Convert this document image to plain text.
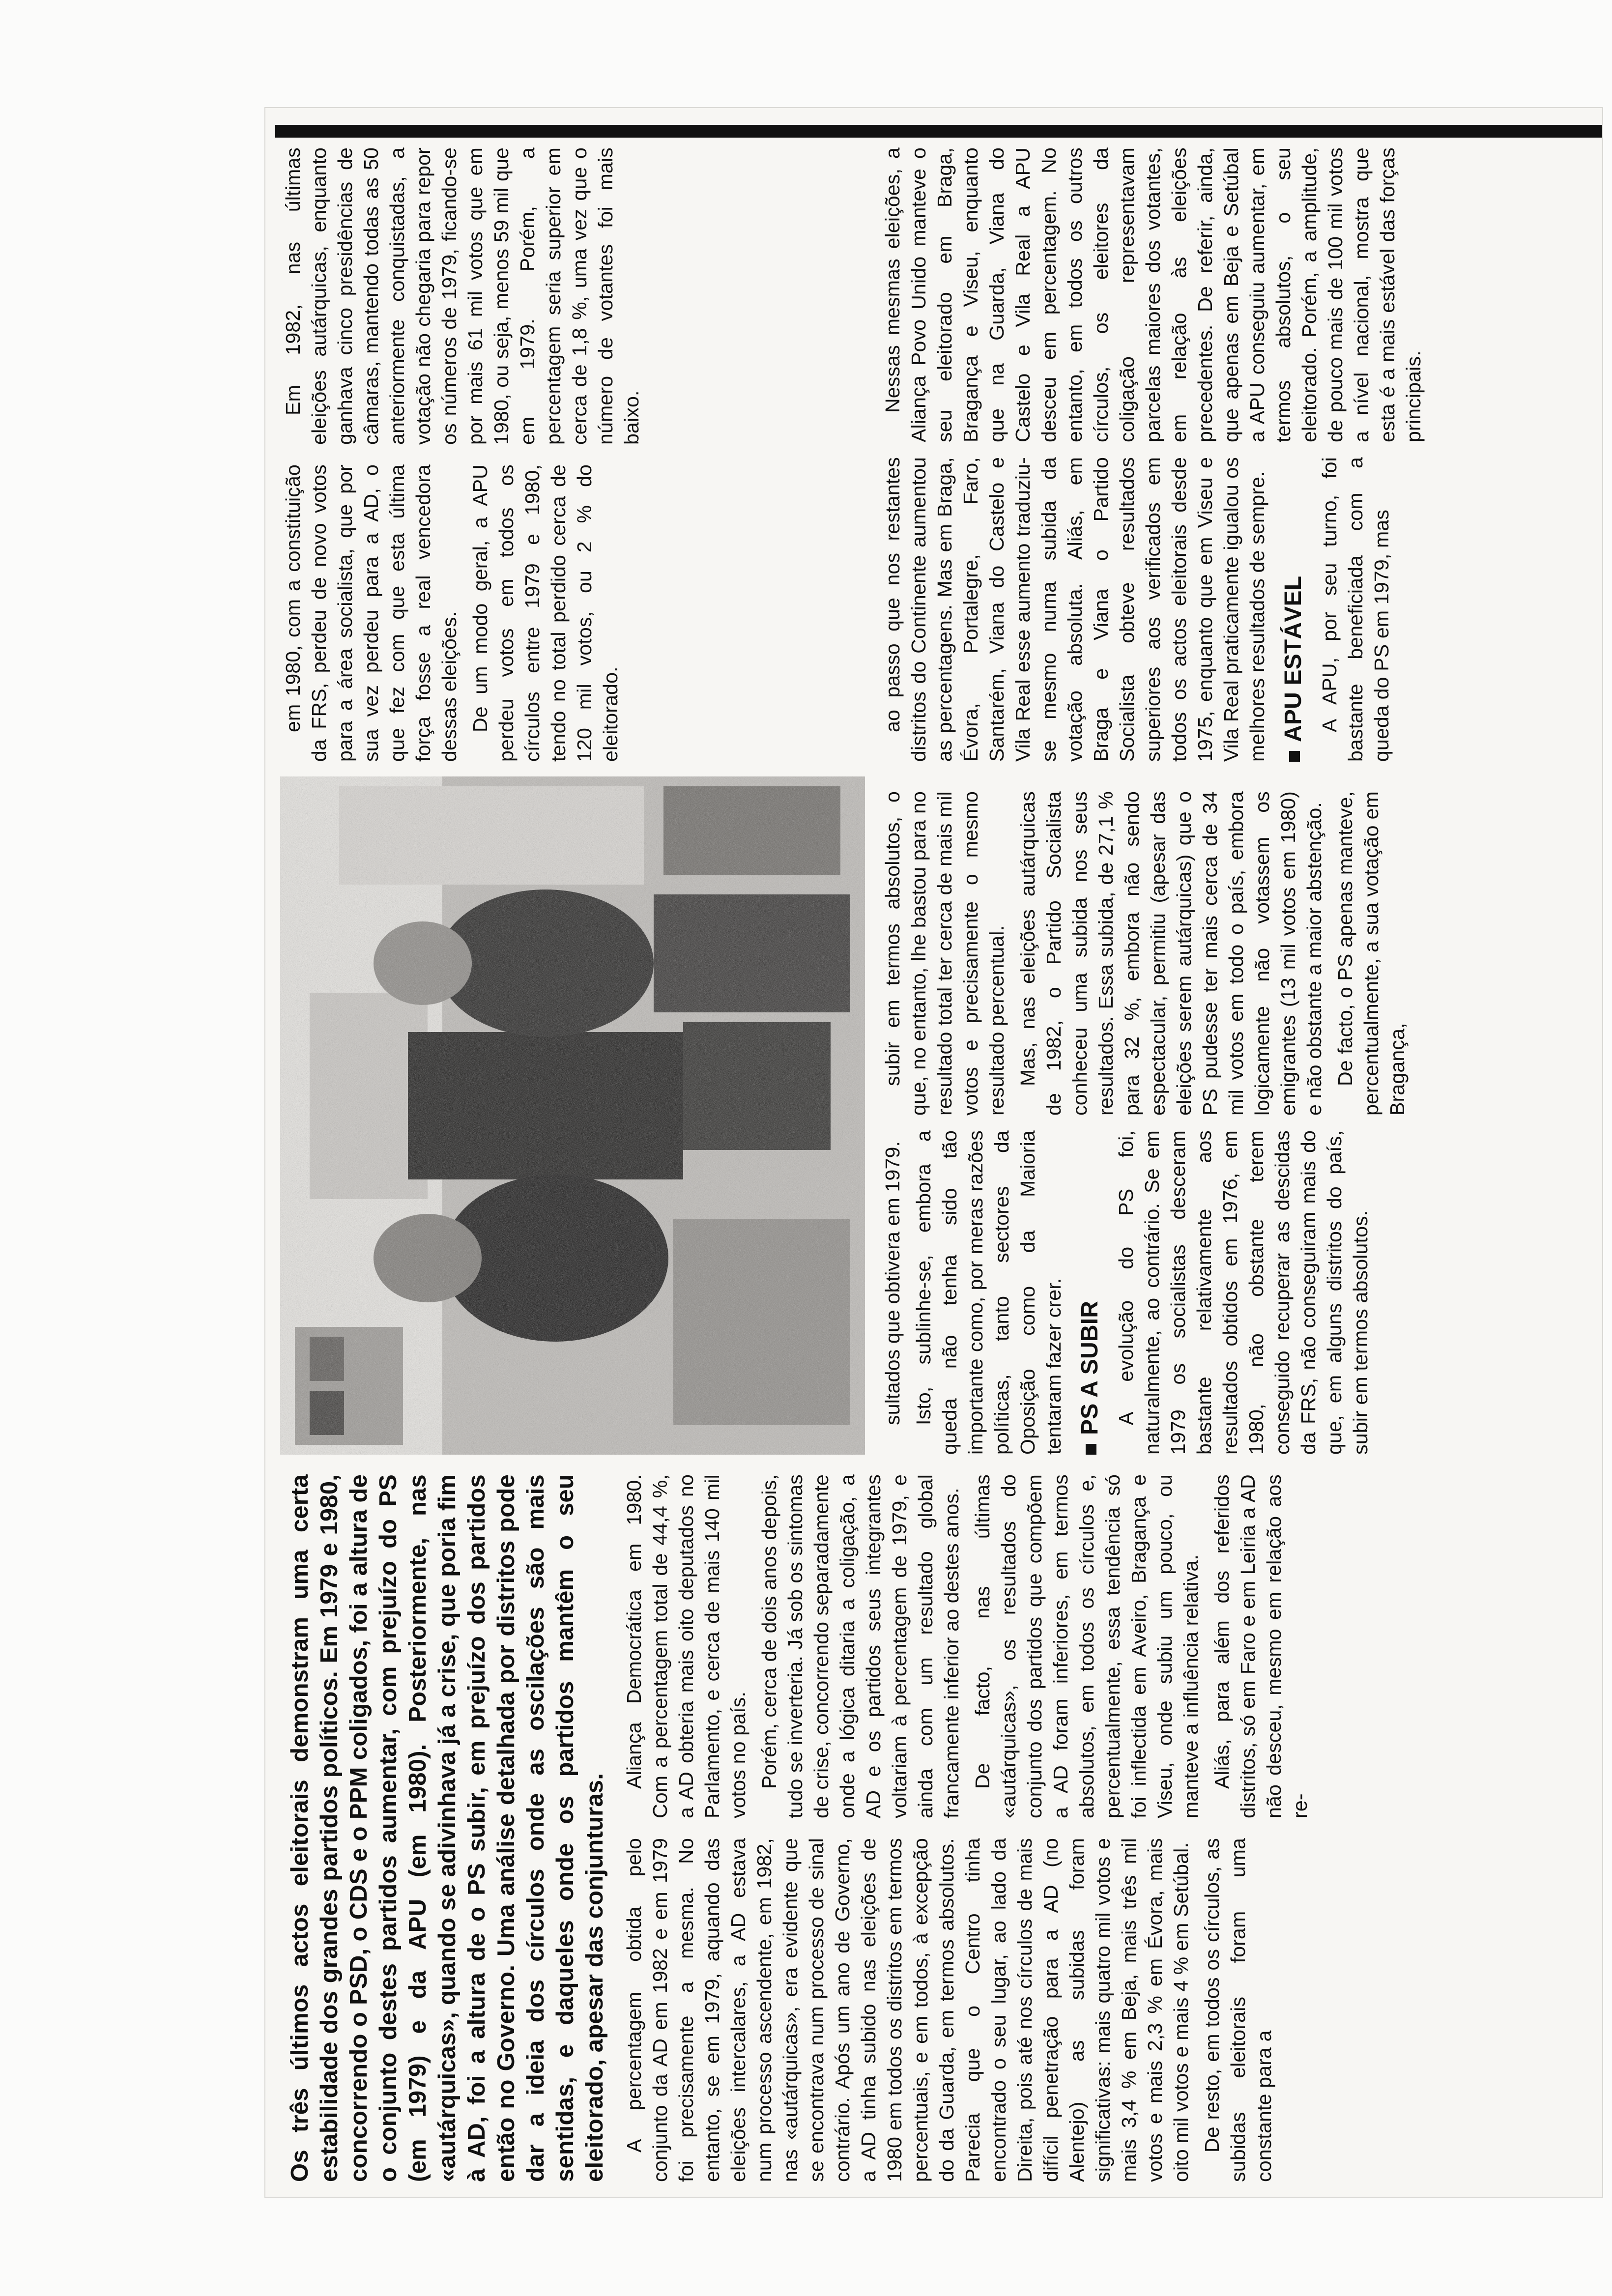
Os três últimos actos eleitorais demonstram uma certa estabilidade dos grandes partidos políticos. Em 1979 e 1980, concorrendo o PSD, o CDS e o PPM coligados, foi a altura de o conjunto destes partidos aumentar, com prejuízo do PS (em 1979) e da APU (em 1980). Posteriormente, nas «autárquicas», quando se adivinhava já a crise, que poria fim à AD, foi a altura de o PS subir, em prejuízo dos partidos então no Governo. Uma análise detalhada por distritos pode dar a ideia dos círculos onde as oscilações são mais sentidas, e daqueles onde os partidos mantêm o seu eleitorado, apesar das conjunturas. A percentagem obtida pelo conjunto da AD em 1982 e em 1979 foi precisamente a mesma. No entanto, se em 1979, aquando das eleições intercalares, a AD estava num processo ascendente, em 1982, nas «autárquicas», era evidente que se encontrava num processo de sinal contrário. Após um ano de Governo, a AD tinha subido nas eleições de 1980 em todos os distritos em termos percentuais, e em todos, à excepção do da Guarda, em termos absolutos. Parecia que o Centro tinha encontrado o seu lugar, ao lado da Direita, pois até nos círculos de mais difícil penetração para a AD (no Alentejo) as subidas foram significativas: mais quatro mil votos e mais 3,4 % em Beja, mais três mil votos e mais 2,3 % em Évora, mais oito mil votos e mais 4 % em Setúbal. De resto, em todos os círculos, as subidas eleitorais foram uma constante para a

Aliança Democrática em 1980. Com a percentagem total de 44,4 %, a AD obteria mais oito deputados no Parlamento, e cerca de mais 140 mil votos no país. Porém, cerca de dois anos depois, tudo se inverteria. Já sob os sintomas de crise, concorrendo separadamente onde a lógica ditaria a coligação, a AD e os partidos seus integrantes voltariam à percentagem de 1979, e ainda com um resultado global francamente inferior ao destes anos. De facto, nas últimas «autárquicas», os resultados do conjunto dos partidos que compõem a AD foram inferiores, em termos absolutos, em todos os círculos e, percentualmente, essa tendência só foi inflectida em Aveiro, Bragança e Viseu, onde subiu um pouco, ou manteve a influência relativa. Aliás, para além dos referidos distritos, só em Faro e em Leiria a AD não desceu, mesmo em relação aos re-

sultados que obtivera em 1979. Isto, sublinhe-se, embora a queda não tenha sido tão importante como, por meras razões políticas, tanto sectores da Oposição como da Maioria tentaram fazer crer. PS A SUBIR A evolução do PS foi, naturalmente, ao contrário. Se em 1979 os socialistas desceram bastante relativamente aos resultados obtidos em 1976, em 1980, não obstante terem conseguido recuperar as descidas da FRS, não conseguiram mais do que, em alguns distritos do país, subir em termos absolutos.

subir em termos absolutos, o que, no entanto, lhe bastou para no resultado total ter cerca de mais mil votos e precisamente o mesmo resultado percentual. Mas, nas eleições autárquicas de 1982, o Partido Socialista conheceu uma subida nos seus resultados. Essa subida, de 27,1 % para 32 %, embora não sendo espectacular, permitiu (apesar das eleições serem autárquicas) que o PS pudesse ter mais cerca de 34 mil votos em todo o país, embora logicamente não votassem os emigrantes (13 mil votos em 1980) e não obstante a maior abstenção. De facto, o PS apenas manteve, percentualmente, a sua votação em Bragança,

ao passo que nos restantes distritos do Continente aumentou as percentagens. Mas em Braga, Évora, Portalegre, Faro, Santarém, Viana do Castelo e Vila Real esse aumento traduziu-se mesmo numa subida da votação absoluta. Aliás, em Braga e Viana o Partido Socialista obteve resultados superiores aos verificados em todos os actos eleitorais desde 1975, enquanto que em Viseu e Vila Real praticamente igualou os melhores resultados de sempre. APU ESTÁVEL A APU, por seu turno, foi bastante beneficiada com a queda do PS em 1979, mas

em 1980, com a constituição da FRS, perdeu de novo votos para a área socialista, que por sua vez perdeu para a AD, o que fez com que esta última força fosse a real vencedora dessas eleições. De um modo geral, a APU perdeu votos em todos os círculos entre 1979 e 1980, tendo no total perdido cerca de 120 mil votos, ou 2 % do eleitorado.

Em 1982, nas últimas eleições autárquicas, enquanto ganhava cinco presidências de câmaras, mantendo todas as 50 anteriormente conquistadas, a votação não chegaria para repor os números de 1979, ficando-se por mais 61 mil votos que em 1980, ou seja, menos 59 mil que em 1979. Porém, a percentagem seria superior em cerca de 1,8 %, uma vez que o número de votantes foi mais baixo.

Nessas mesmas eleições, a Aliança Povo Unido manteve o seu eleitorado em Braga, Bragança e Viseu, enquanto que na Guarda, Viana do Castelo e Vila Real a APU desceu em percentagem. No entanto, em todos os outros círculos, os eleitores da coligação representavam parcelas maiores dos votantes, em relação às eleições precedentes. De referir, ainda, que apenas em Beja e Setúbal a APU conseguiu aumentar, em termos absolutos, o seu eleitorado. Porém, a amplitude, de pouco mais de 100 mil votos a nível nacional, mostra que esta é a mais estável das forças principais.
